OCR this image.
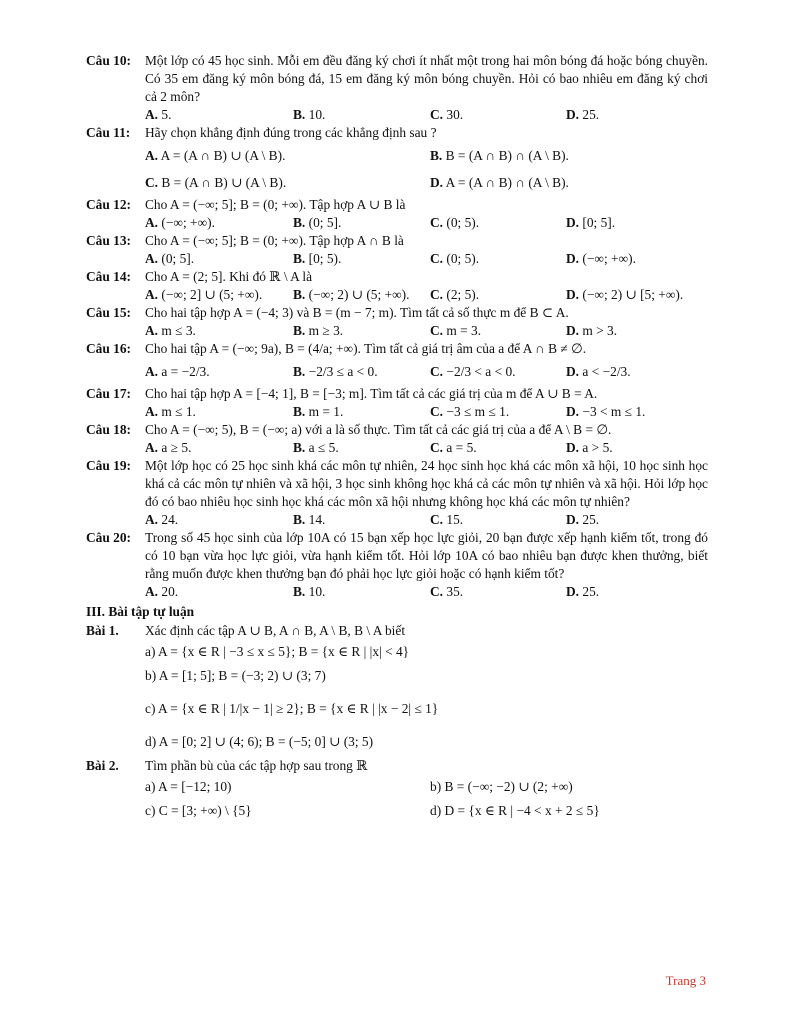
Câu 10: Một lớp có 45 học sinh. Mỗi em đều đăng ký chơi ít nhất một trong hai môn bóng đá hoặc bóng chuyền. Có 35 em đăng ký môn bóng đá, 15 em đăng ký môn bóng chuyền. Hỏi có bao nhiêu em đăng ký chơi cả 2 môn?
A. 5.	B. 10.	C. 30.	D. 25.
Câu 11: Hãy chọn khẳng định đúng trong các khẳng định sau ?
A. A = (A ∩ B) ∪ (A \ B).	B. B = (A ∩ B) ∩ (A \ B).
C. B = (A ∩ B) ∪ (A \ B).	D. A = (A ∩ B) ∩ (A \ B).
Câu 12: Cho A = (−∞; 5]; B = (0; +∞). Tập hợp A ∪ B là
A. (−∞; +∞).	B. (0; 5].	C. (0; 5).	D. [0; 5].
Câu 13: Cho A = (−∞; 5]; B = (0; +∞). Tập hợp A ∩ B là
A. (0; 5].	B. [0; 5).	C. (0; 5).	D. (−∞; +∞).
Câu 14: Cho A = (2; 5]. Khi đó ℝ \ A là
A. (−∞; 2] ∪ (5; +∞).	B. (−∞; 2) ∪ (5; +∞).	C. (2; 5).	D. (−∞; 2) ∪ [5; +∞).
Câu 15: Cho hai tập hợp A = (−4; 3) và B = (m − 7; m). Tìm tất cả số thực m để B ⊂ A.
A. m ≤ 3.	B. m ≥ 3.	C. m = 3.	D. m > 3.
Câu 16: Cho hai tập A = (−∞; 9a), B = (4/a; +∞). Tìm tất cả giá trị âm của a để A ∩ B ≠ ∅.
A. a = −2/3.	B. −2/3 ≤ a < 0.	C. −2/3 < a < 0.	D. a < −2/3.
Câu 17: Cho hai tập hợp A = [−4; 1], B = [−3; m]. Tìm tất cả các giá trị của m để A ∪ B = A.
A. m ≤ 1.	B. m = 1.	C. −3 ≤ m ≤ 1.	D. −3 < m ≤ 1.
Câu 18: Cho A = (−∞; 5), B = (−∞; a) với a là số thực. Tìm tất cả các giá trị của a để A \ B = ∅.
A. a ≥ 5.	B. a ≤ 5.	C. a = 5.	D. a > 5.
Câu 19: Một lớp học có 25 học sinh khá các môn tự nhiên, 24 học sinh học khá các môn xã hội, 10 học sinh học khá cả các môn tự nhiên và xã hội, 3 học sinh không học khá cả các môn tự nhiên và xã hội. Hỏi lớp học đó có bao nhiêu học sinh học khá các môn xã hội nhưng không học khá các môn tự nhiên?
A. 24.	B. 14.	C. 15.	D. 25.
Câu 20: Trong số 45 học sinh của lớp 10A có 15 bạn xếp học lực giỏi, 20 bạn được xếp hạnh kiểm tốt, trong đó có 10 bạn vừa học lực giỏi, vừa hạnh kiểm tốt. Hỏi lớp 10A có bao nhiêu bạn được khen thưởng, biết rằng muốn được khen thưởng bạn đó phải học lực giỏi hoặc có hạnh kiểm tốt?
A. 20.	B. 10.	C. 35.	D. 25.
III. Bài tập tự luận
Bài 1. Xác định các tập A ∪ B, A ∩ B, A \ B, B \ A biết
a) A = {x ∈ R | −3 ≤ x ≤ 5}; B = {x ∈ R | |x| < 4}
b) A = [1; 5]; B = (−3; 2) ∪ (3; 7)
c) A = {x ∈ R | 1/|x − 1| ≥ 2}; B = {x ∈ R | |x − 2| ≤ 1}
d) A = [0; 2] ∪ (4; 6); B = (−5; 0] ∪ (3; 5)
Bài 2. Tìm phần bù của các tập hợp sau trong ℝ
a) A = [−12; 10)	b) B = (−∞; −2) ∪ (2; +∞)
c) C = [3; +∞) \ {5}	d) D = {x ∈ R | −4 < x + 2 ≤ 5}
Trang 3
